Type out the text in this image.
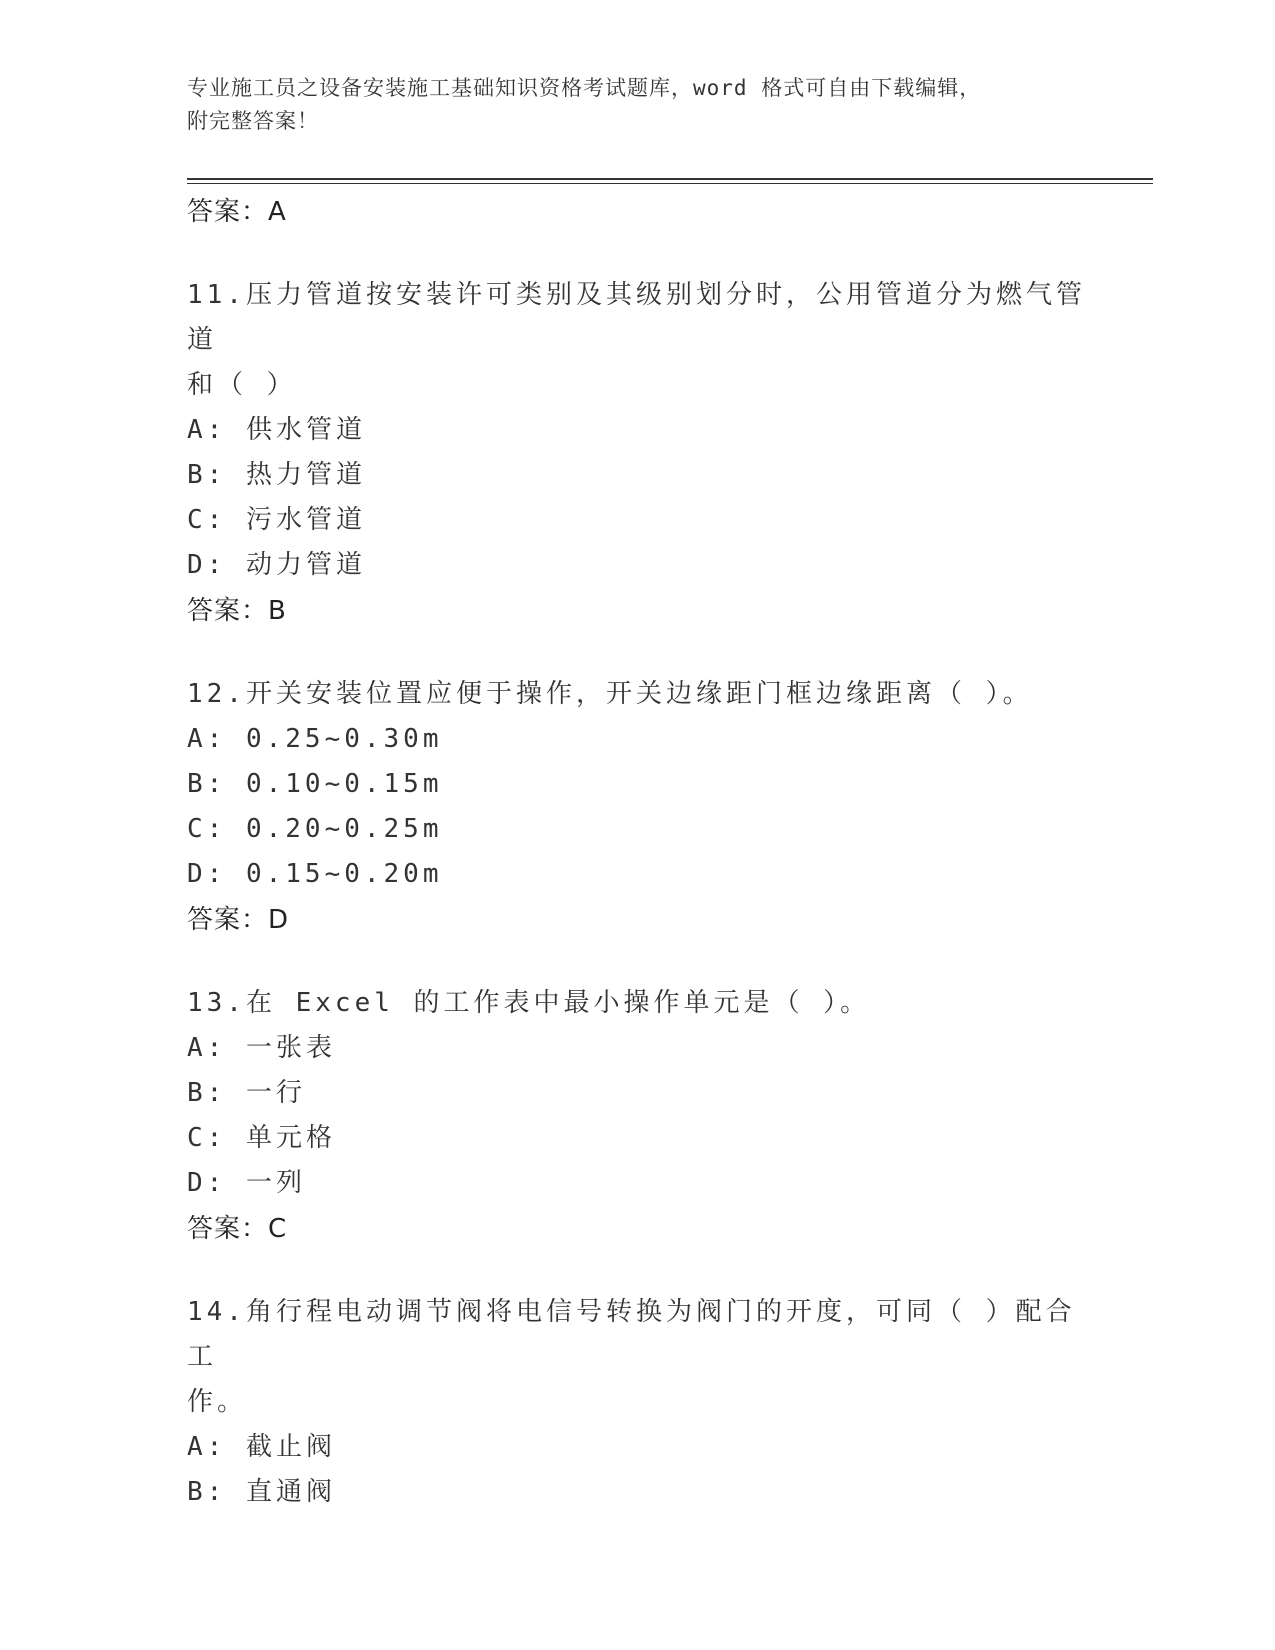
专业施工员之设备安装施工基础知识资格考试题库，word 格式可自由下载编辑，
附完整答案！
答案：A
11.压力管道按安装许可类别及其级别划分时，公用管道分为燃气管道
和（ ）
A: 供水管道
B: 热力管道
C: 污水管道
D: 动力管道
答案：B
12.开关安装位置应便于操作，开关边缘距门框边缘距离（ ）。
A: 0.25~0.30m
B: 0.10~0.15m
C: 0.20~0.25m
D: 0.15~0.20m
答案：D
13.在 Excel 的工作表中最小操作单元是（ ）。
A: 一张表
B: 一行
C: 单元格
D: 一列
答案：C
14.角行程电动调节阀将电信号转换为阀门的开度，可同（ ）配合工
作。
A: 截止阀
B: 直通阀
